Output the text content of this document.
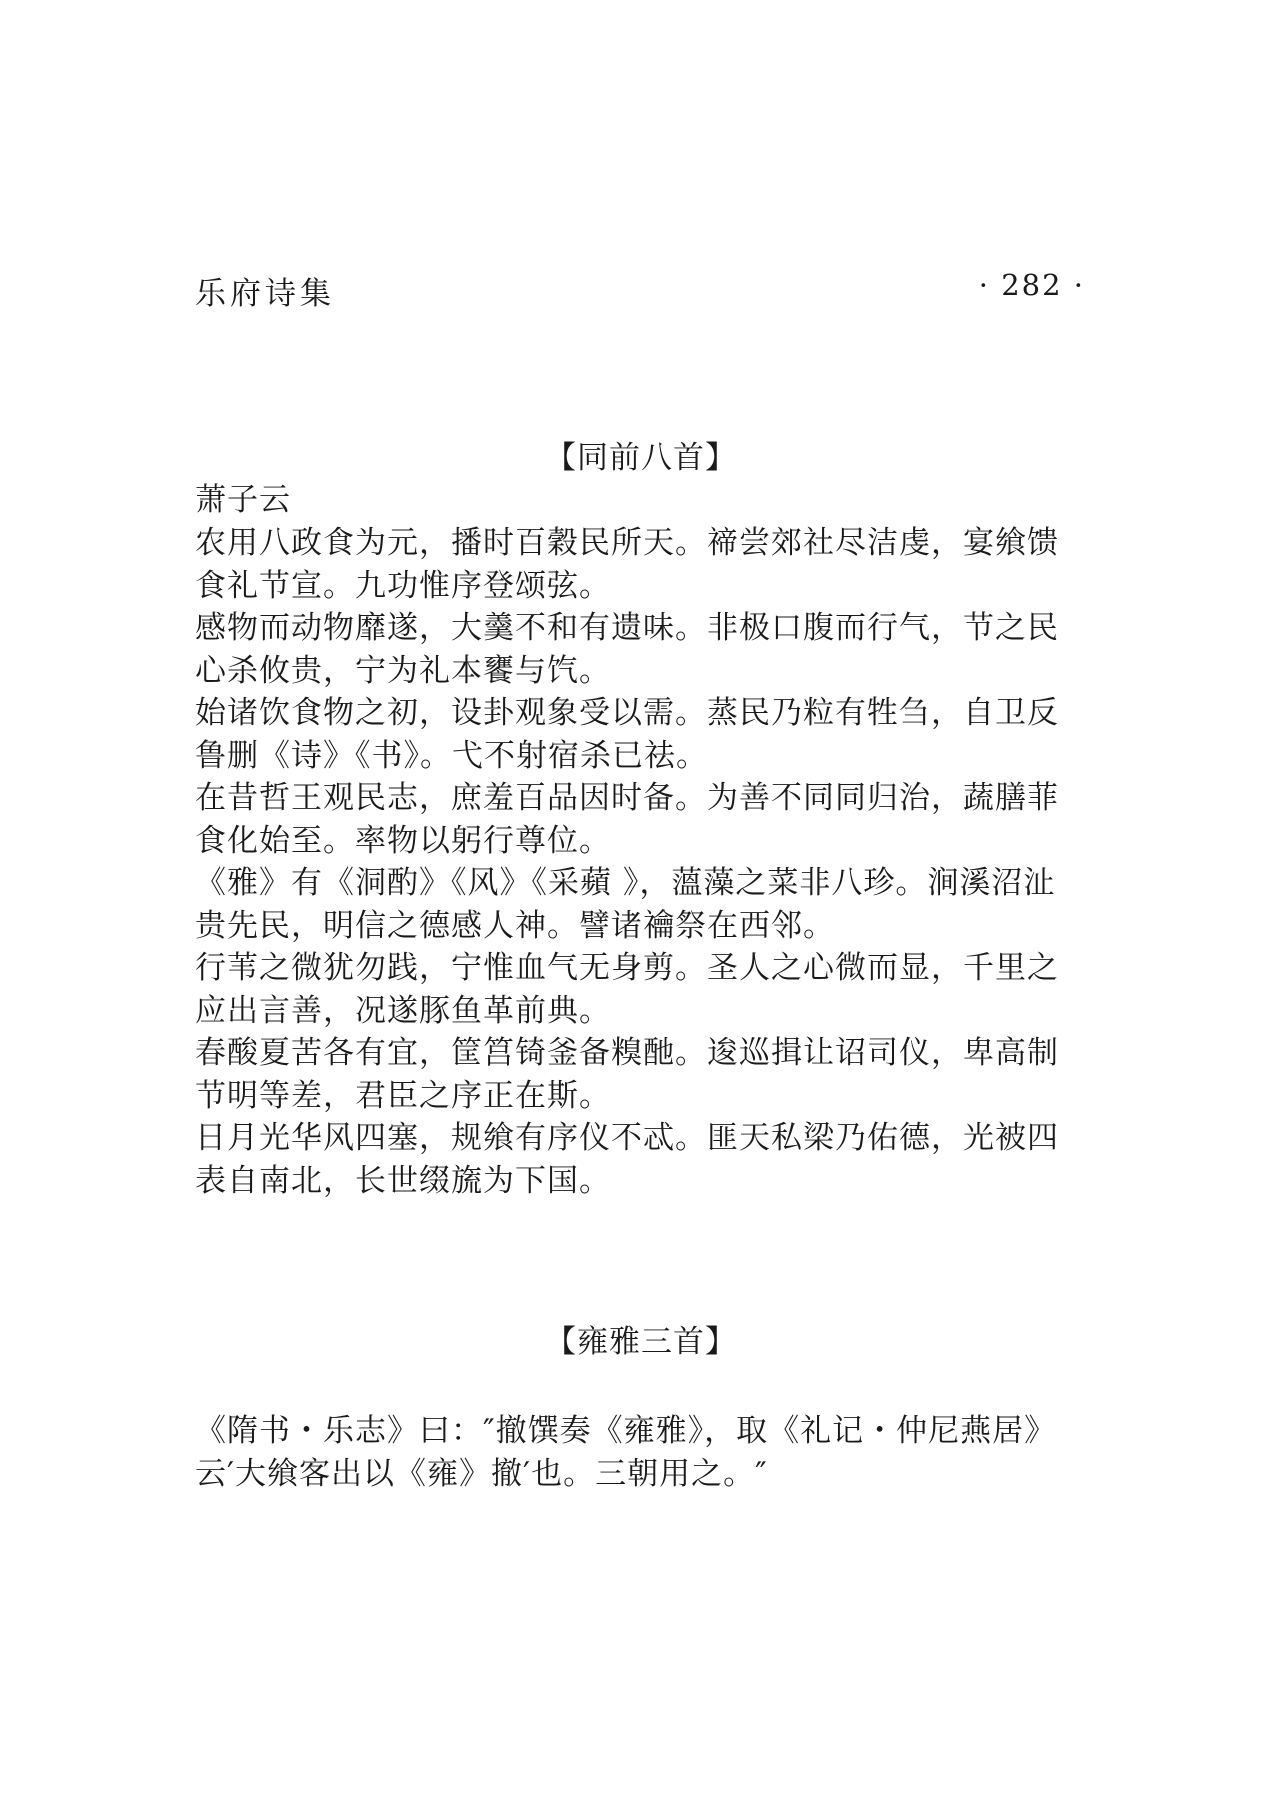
乐府诗集	· 282 ·
【同前八首】
萧子云

农用八政食为元，播时百穀民所天。禘尝郊社尽洁虔，宴飨馈食礼节宣。九功惟序登颂弦。

感物而动物靡遂，大羹不和有遗味。非极口腹而行气，节之民心杀攸贵，宁为礼本饔与饩。

始诸饮食物之初，设卦观象受以需。蒸民乃粒有牲刍，自卫反鲁删《诗》《书》。弋不射宿杀已祛。

在昔哲王观民志，庶羞百品因时备。为善不同同归治，蔬膳菲食化始至。率物以躬行尊位。

《雅》有《洞酌》《风》《采蘋 》，薀藻之菜非八珍。涧溪沼沚贵先民，明信之德感人神。譬诸禴祭在西邻。

行苇之微犹勿践，宁惟血气无身剪。圣人之心微而显，千里之应出言善，况遂豚鱼革前典。

春酸夏苦各有宜，筐筥锜釜备糗酏。逡巡揖让诏司仪，卑高制节明等差，君臣之序正在斯。

日月光华风四塞，规飨有序仪不忒。匪天私梁乃佑德，光被四表自南北，长世缀旒为下国。

【雍雅三首】

《隋书・乐志》曰：″撤馔奏《雍雅》，取《礼记・仲尼燕居》云′大飨客出以《雍》撤′也。三朝用之。″
